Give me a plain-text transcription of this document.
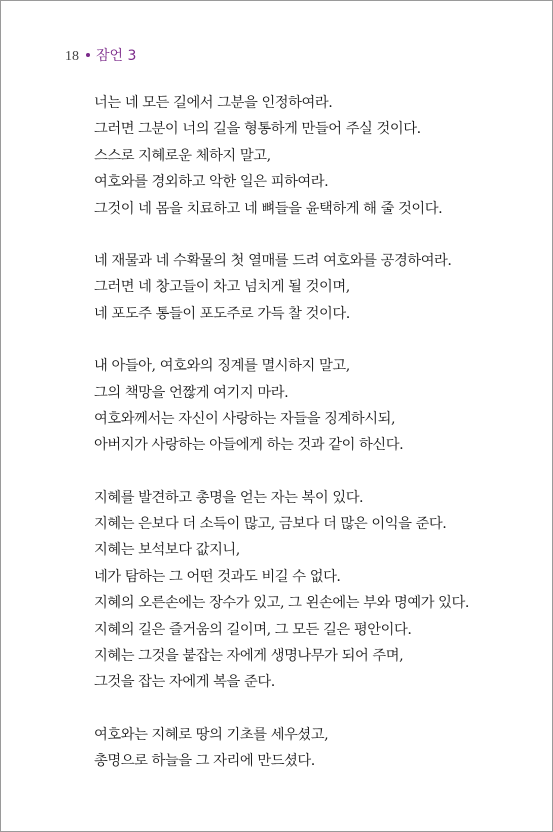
18 잠언 3
너는 네 모든 길에서 그분을 인정하여라.
그러면 그분이 너의 길을 형통하게 만들어 주실 것이다.
스스로 지혜로운 체하지 말고,
여호와를 경외하고 악한 일은 피하여라.
그것이 네 몸을 치료하고 네 뼈들을 윤택하게 해 줄 것이다.
네 재물과 네 수확물의 첫 열매를 드려 여호와를 공경하여라.
그러면 네 창고들이 차고 넘치게 될 것이며,
네 포도주 통들이 포도주로 가득 찰 것이다.
내 아들아, 여호와의 징계를 멸시하지 말고,
그의 책망을 언짢게 여기지 마라.
여호와께서는 자신이 사랑하는 자들을 징계하시되,
아버지가 사랑하는 아들에게 하는 것과 같이 하신다.
지혜를 발견하고 총명을 얻는 자는 복이 있다.
지혜는 은보다 더 소득이 많고, 금보다 더 많은 이익을 준다.
지혜는 보석보다 값지니,
네가 탐하는 그 어떤 것과도 비길 수 없다.
지혜의 오른손에는 장수가 있고, 그 왼손에는 부와 명예가 있다.
지혜의 길은 즐거움의 길이며, 그 모든 길은 평안이다.
지혜는 그것을 붙잡는 자에게 생명나무가 되어 주며,
그것을 잡는 자에게 복을 준다.
여호와는 지혜로 땅의 기초를 세우셨고,
총명으로 하늘을 그 자리에 만드셨다.
